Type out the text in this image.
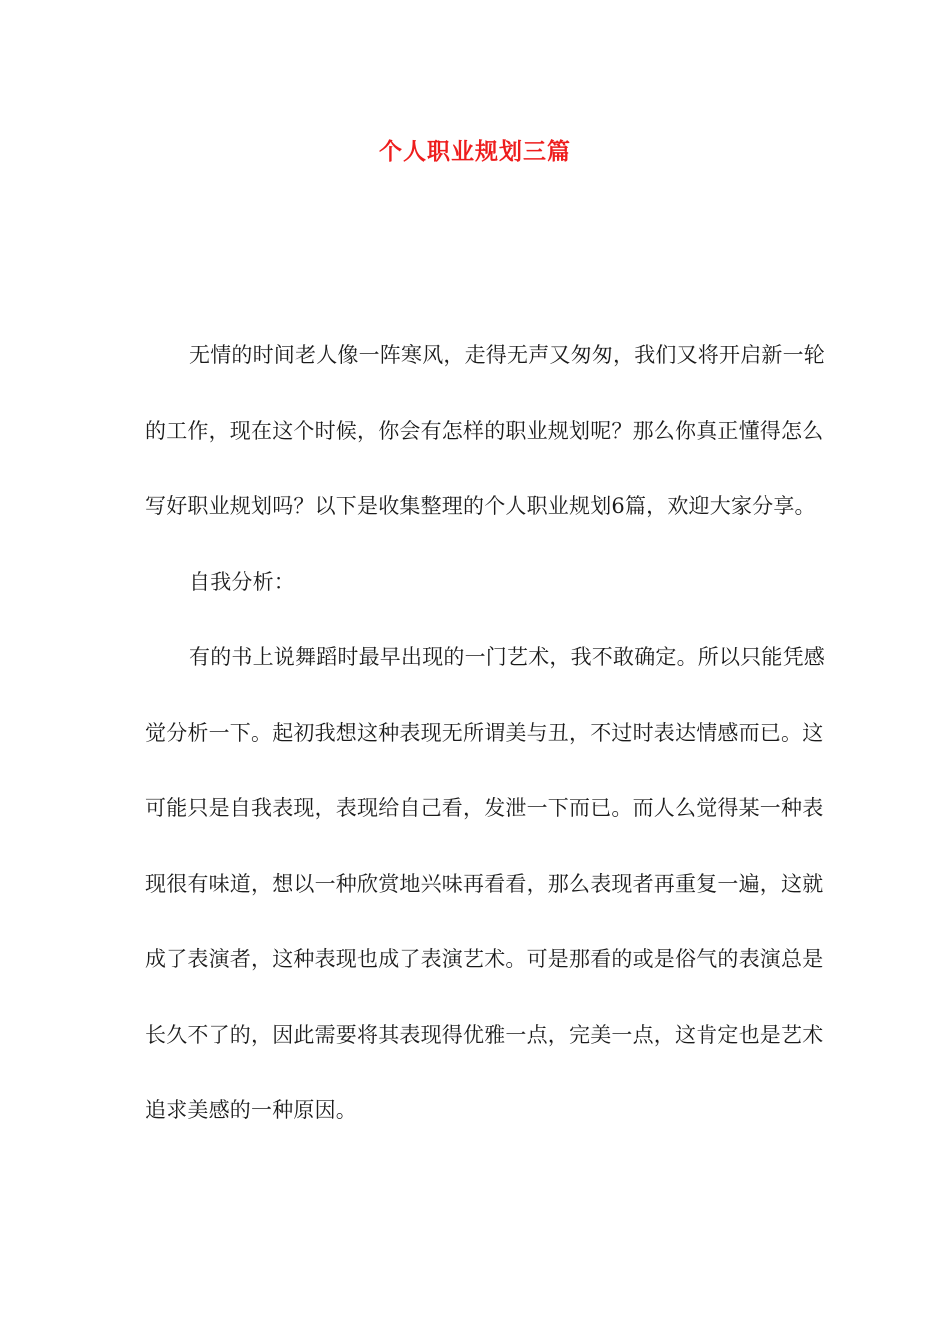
个人职业规划三篇

无情的时间老人像一阵寒风，走得无声又匆匆，我们又将开启新一轮的工作，现在这个时候，你会有怎样的职业规划呢？那么你真正懂得怎么写好职业规划吗？以下是收集整理的个人职业规划6篇，欢迎大家分享。

自我分析：

有的书上说舞蹈时最早出现的一门艺术，我不敢确定。所以只能凭感觉分析一下。起初我想这种表现无所谓美与丑，不过时表达情感而已。这可能只是自我表现，表现给自己看，发泄一下而已。而人么觉得某一种表现很有味道，想以一种欣赏地兴味再看看，那么表现者再重复一遍，这就成了表演者，这种表现也成了表演艺术。可是那看的或是俗气的表演总是长久不了的，因此需要将其表现得优雅一点，完美一点，这肯定也是艺术追求美感的一种原因。
